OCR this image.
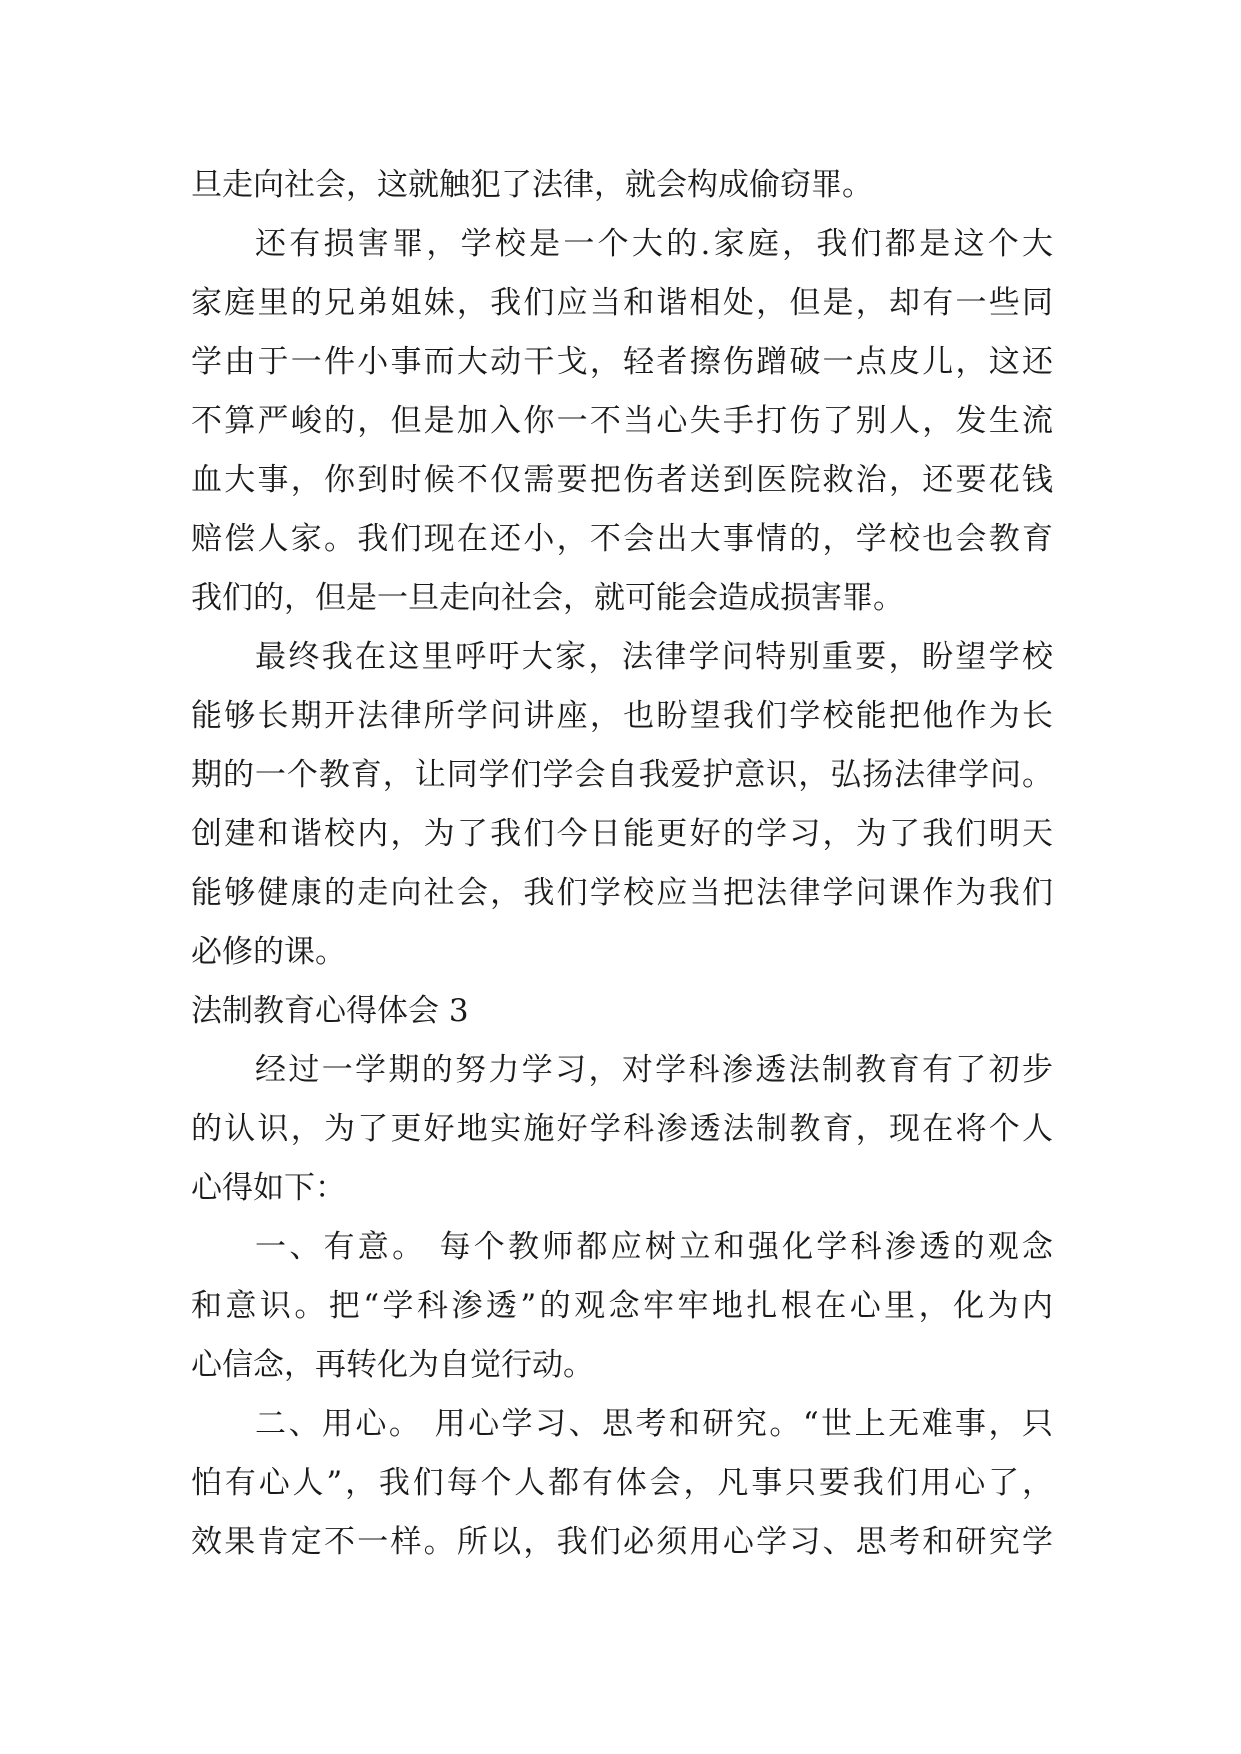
旦走向社会，这就触犯了法律，就会构成偷窃罪。
还有损害罪，学校是一个大的.家庭，我们都是这个大
家庭里的兄弟姐妹，我们应当和谐相处，但是，却有一些同
学由于一件小事而大动干戈，轻者擦伤蹭破一点皮儿，这还
不算严峻的，但是加入你一不当心失手打伤了别人，发生流
血大事，你到时候不仅需要把伤者送到医院救治，还要花钱
赔偿人家。我们现在还小，不会出大事情的，学校也会教育
我们的，但是一旦走向社会，就可能会造成损害罪。
最终我在这里呼吁大家，法律学问特别重要，盼望学校
能够长期开法律所学问讲座，也盼望我们学校能把他作为长
期的一个教育，让同学们学会自我爱护意识，弘扬法律学问。
创建和谐校内，为了我们今日能更好的学习，为了我们明天
能够健康的走向社会，我们学校应当把法律学问课作为我们
必修的课。
法制教育心得体会 3
经过一学期的努力学习，对学科渗透法制教育有了初步
的认识，为了更好地实施好学科渗透法制教育，现在将个人
心得如下：
一、有意。 每个教师都应树立和强化学科渗透的观念
和意识。把“学科渗透”的观念牢牢地扎根在心里，化为内
心信念，再转化为自觉行动。
二、用心。 用心学习、思考和研究。“世上无难事，只
怕有心人”，我们每个人都有体会，凡事只要我们用心了，
效果肯定不一样。所以，我们必须用心学习、思考和研究学
